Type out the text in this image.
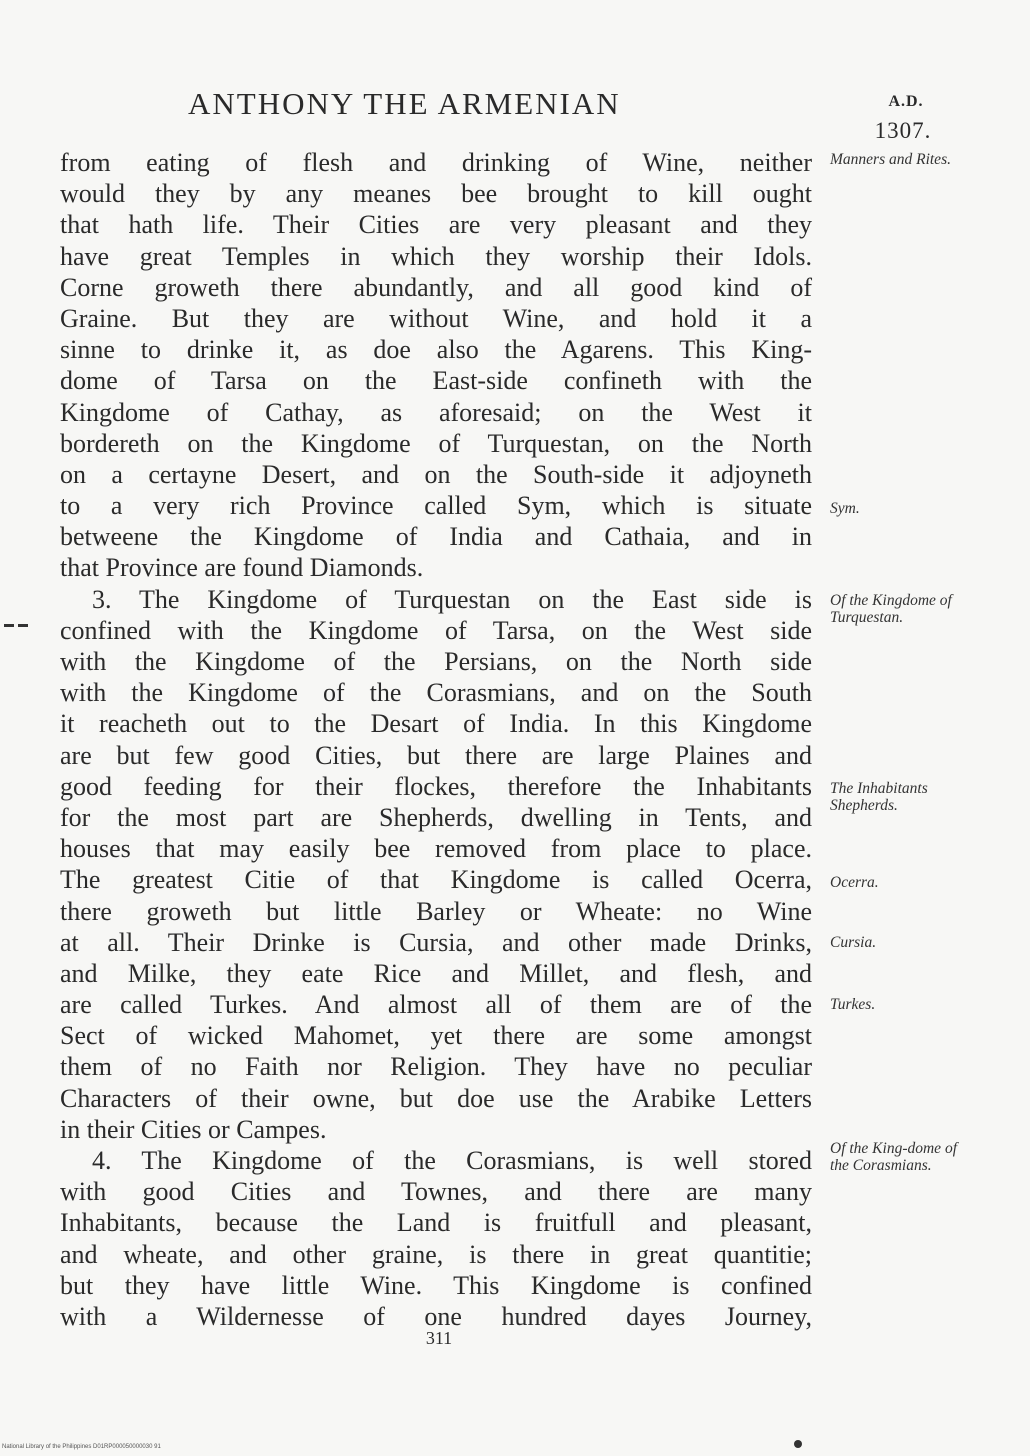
ANTHONY THE ARMENIAN	A.D.
1307.
from eating of flesh and drinking of Wine, neither
would they by any meanes bee brought to kill ought
that hath life. Their Cities are very pleasant and they
have great Temples in which they worship their Idols.
Corne groweth there abundantly, and all good kind of
Graine. But they are without Wine, and hold it a
sinne to drinke it, as doe also the Agarens. This King-
dome of Tarsa on the East-side confineth with the
Kingdome of Cathay, as aforesaid; on the West it
bordereth on the Kingdome of Turquestan, on the North
on a certayne Desert, and on the South-side it adjoyneth
to a very rich Province called Sym, which is situate
betweene the Kingdome of India and Cathaia, and in
that Province are found Diamonds.
3. The Kingdome of Turquestan on the East side is
confined with the Kingdome of Tarsa, on the West side
with the Kingdome of the Persians, on the North side
with the Kingdome of the Corasmians, and on the South
it reacheth out to the Desart of India. In this Kingdome
are but few good Cities, but there are large Plaines and
good feeding for their flockes, therefore the Inhabitants
for the most part are Shepherds, dwelling in Tents, and
houses that may easily bee removed from place to place.
The greatest Citie of that Kingdome is called Ocerra,
there groweth but little Barley or Wheate: no Wine
at all. Their Drinke is Cursia, and other made Drinks,
and Milke, they eate Rice and Millet, and flesh, and
are called Turkes. And almost all of them are of the
Sect of wicked Mahomet, yet there are some amongst
them of no Faith nor Religion. They have no peculiar
Characters of their owne, but doe use the Arabike Letters
in their Cities or Campes.
4. The Kingdome of the Corasmians, is well stored
with good Cities and Townes, and there are many
Inhabitants, because the Land is fruitfull and pleasant,
and wheate, and other graine, is there in great quantitie;
but they have little Wine. This Kingdome is confined
with a Wildernesse of one hundred dayes Journey,
Manners and Rites.
Sym.
Of the Kingdome of Turquestan.
The Inhabitants Shepherds.
Ocerra.
Cursia.
Turkes.
Of the King-dome of the Corasmians.
311
National Library of the Philippines D01RP000050000030 91
